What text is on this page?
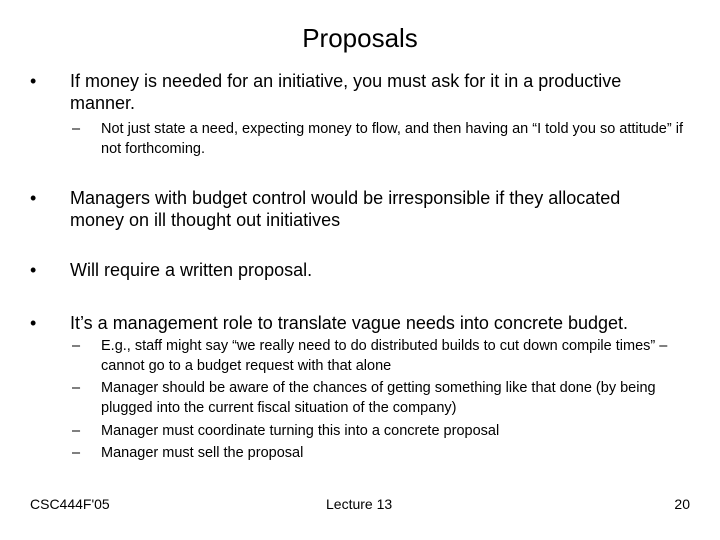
Proposals
•	If money is needed for an initiative, you must ask for it in a productive manner.
–	Not just state a need, expecting money to flow, and then having an “I told you so attitude” if not forthcoming.
•	Managers with budget control would be irresponsible if they allocated money on ill thought out initiatives
•	Will require a written proposal.
•	It’s a management role to translate vague needs into concrete budget.
–	E.g., staff might say “we really need to do distributed builds to cut down compile times” – cannot go to a budget request with that alone
–	Manager should be aware of the chances of getting something like that done (by being plugged into the current fiscal situation of the company)
–	Manager must coordinate turning this into a concrete proposal
–	Manager must sell the proposal
CSC444F'05	Lecture 13	20
